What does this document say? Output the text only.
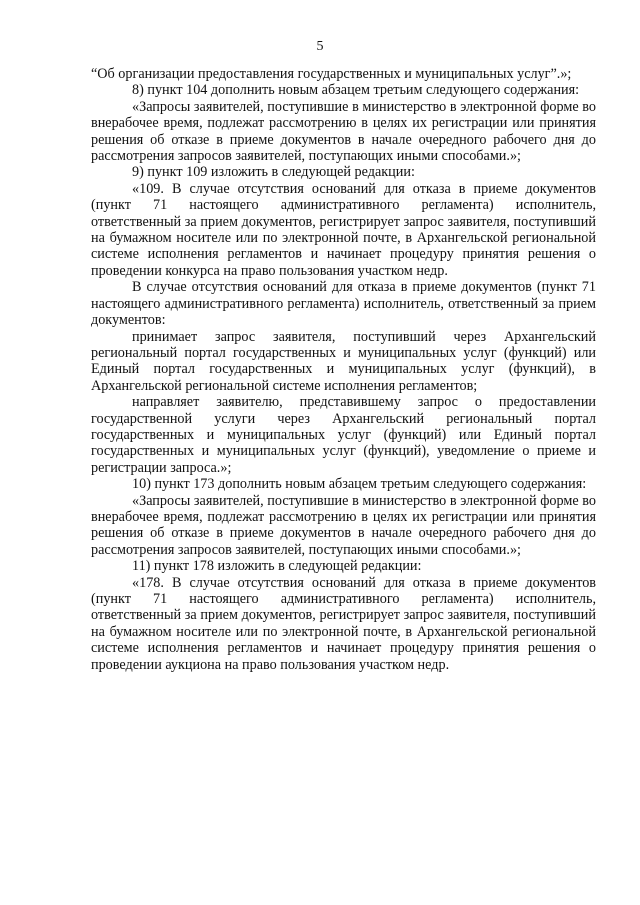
5

“Об организации предоставления государственных и муниципальных услуг”.»;

8) пункт 104 дополнить новым абзацем третьим следующего содержания:

«Запросы заявителей, поступившие в министерство в электронной форме во внерабочее время, подлежат рассмотрению в целях их регистрации или принятия решения об отказе в приеме документов в начале очередного рабочего дня до рассмотрения запросов заявителей, поступающих иными способами.»;

9) пункт 109 изложить в следующей редакции:

«109. В случае отсутствия оснований для отказа в приеме документов (пункт 71 настоящего административного регламента) исполнитель, ответственный за прием документов, регистрирует запрос заявителя, поступивший на бумажном носителе или по электронной почте, в Архангельской региональной системе исполнения регламентов и начинает процедуру принятия решения о проведении конкурса на право пользования участком недр.

В случае отсутствия оснований для отказа в приеме документов (пункт 71 настоящего административного регламента) исполнитель, ответственный за прием документов:

принимает запрос заявителя, поступивший через Архангельский региональный портал государственных и муниципальных услуг (функций) или Единый портал государственных и муниципальных услуг (функций), в Архангельской региональной системе исполнения регламентов;

направляет заявителю, представившему запрос о предоставлении государственной услуги через Архангельский региональный портал государственных и муниципальных услуг (функций) или Единый портал государственных и муниципальных услуг (функций), уведомление о приеме и регистрации запроса.»;

10) пункт 173 дополнить новым абзацем третьим следующего содержания:

«Запросы заявителей, поступившие в министерство в электронной форме во внерабочее время, подлежат рассмотрению в целях их регистрации или принятия решения об отказе в приеме документов в начале очередного рабочего дня до рассмотрения запросов заявителей, поступающих иными способами.»;

11) пункт 178 изложить в следующей редакции:

«178. В случае отсутствия оснований для отказа в приеме документов (пункт 71 настоящего административного регламента) исполнитель, ответственный за прием документов, регистрирует запрос заявителя, поступивший на бумажном носителе или по электронной почте, в Архангельской региональной системе исполнения регламентов и начинает процедуру принятия решения о проведении аукциона на право пользования участком недр.
